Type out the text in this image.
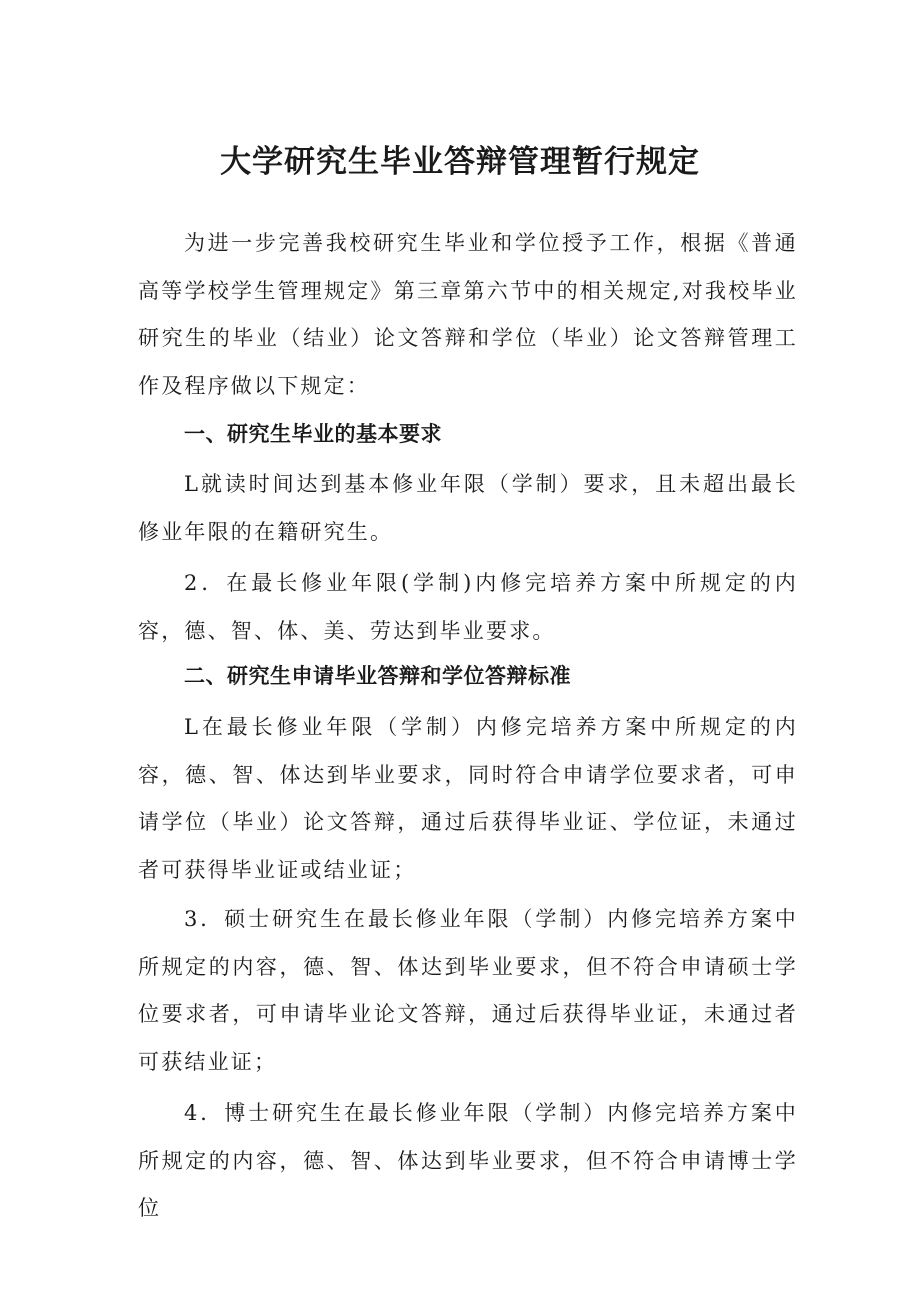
大学研究生毕业答辩管理暂行规定

为进一步完善我校研究生毕业和学位授予工作，根据《普通高等学校学生管理规定》第三章第六节中的相关规定,对我校毕业研究生的毕业（结业）论文答辩和学位（毕业）论文答辩管理工作及程序做以下规定：

一、研究生毕业的基本要求

L就读时间达到基本修业年限（学制）要求，且未超出最长修业年限的在籍研究生。

2．在最长修业年限(学制)内修完培养方案中所规定的内容，德、智、体、美、劳达到毕业要求。

二、研究生申请毕业答辩和学位答辩标准

L在最长修业年限（学制）内修完培养方案中所规定的内容，德、智、体达到毕业要求，同时符合申请学位要求者，可申请学位（毕业）论文答辩，通过后获得毕业证、学位证，未通过者可获得毕业证或结业证；

3．硕士研究生在最长修业年限（学制）内修完培养方案中所规定的内容，德、智、体达到毕业要求，但不符合申请硕士学位要求者，可申请毕业论文答辩，通过后获得毕业证，未通过者可获结业证；

4．博士研究生在最长修业年限（学制）内修完培养方案中所规定的内容，德、智、体达到毕业要求，但不符合申请博士学位
